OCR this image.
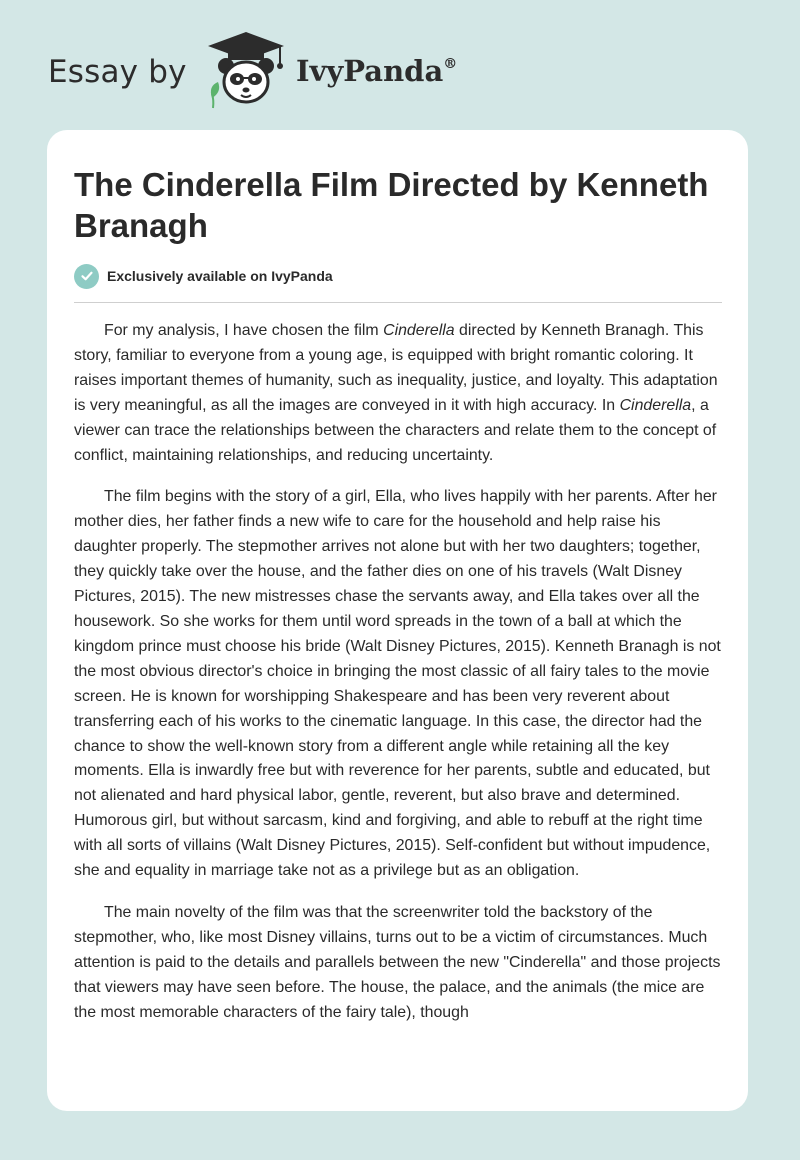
Essay by	IvyPanda®
The Cinderella Film Directed by Kenneth Branagh
Exclusively available on IvyPanda

For my analysis, I have chosen the film Cinderella directed by Kenneth Branagh. This story, familiar to everyone from a young age, is equipped with bright romantic coloring. It raises important themes of humanity, such as inequality, justice, and loyalty. This adaptation is very meaningful, as all the images are conveyed in it with high accuracy. In Cinderella, a viewer can trace the relationships between the characters and relate them to the concept of conflict, maintaining relationships, and reducing uncertainty.

The film begins with the story of a girl, Ella, who lives happily with her parents. After her mother dies, her father finds a new wife to care for the household and help raise his daughter properly. The stepmother arrives not alone but with her two daughters; together, they quickly take over the house, and the father dies on one of his travels (Walt Disney Pictures, 2015). The new mistresses chase the servants away, and Ella takes over all the housework. So she works for them until word spreads in the town of a ball at which the kingdom prince must choose his bride (Walt Disney Pictures, 2015). Kenneth Branagh is not the most obvious director's choice in bringing the most classic of all fairy tales to the movie screen. He is known for worshipping Shakespeare and has been very reverent about transferring each of his works to the cinematic language. In this case, the director had the chance to show the well-known story from a different angle while retaining all the key moments. Ella is inwardly free but with reverence for her parents, subtle and educated, but not alienated and hard physical labor, gentle, reverent, but also brave and determined. Humorous girl, but without sarcasm, kind and forgiving, and able to rebuff at the right time with all sorts of villains (Walt Disney Pictures, 2015). Self-confident but without impudence, she and equality in marriage take not as a privilege but as an obligation.

The main novelty of the film was that the screenwriter told the backstory of the stepmother, who, like most Disney villains, turns out to be a victim of circumstances. Much attention is paid to the details and parallels between the new "Cinderella" and those projects that viewers may have seen before. The house, the palace, and the animals (the mice are the most memorable characters of the fairy tale), though
